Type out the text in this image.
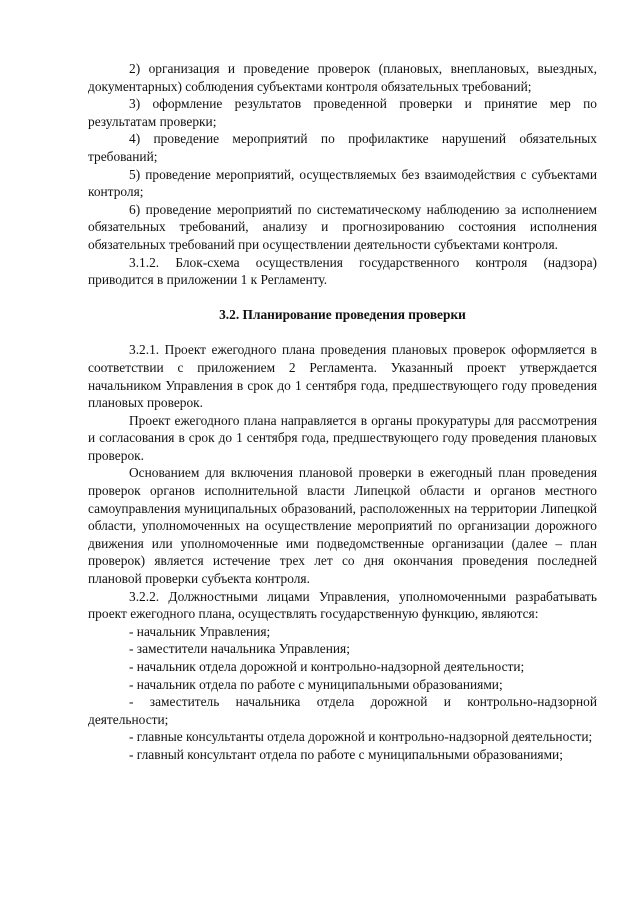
2) организация и проведение проверок (плановых, внеплановых, выездных, документарных) соблюдения субъектами контроля обязательных требований;

3) оформление результатов проведенной проверки и принятие мер по результатам проверки;

4) проведение мероприятий по профилактике нарушений обязательных требований;

5) проведение мероприятий, осуществляемых без взаимодействия с субъектами контроля;

6) проведение мероприятий по систематическому наблюдению за исполнением обязательных требований, анализу и прогнозированию состояния исполнения обязательных требований при осуществлении деятельности субъектами контроля.

3.1.2. Блок-схема осуществления государственного контроля (надзора) приводится в приложении 1 к Регламенту.

3.2. Планирование проведения проверки

3.2.1. Проект ежегодного плана проведения плановых проверок оформляется в соответствии с приложением 2 Регламента. Указанный проект утверждается начальником Управления в срок до 1 сентября года, предшествующего году проведения плановых проверок.

Проект ежегодного плана направляется в органы прокуратуры для рассмотрения и согласования в срок до 1 сентября года, предшествующего году проведения плановых проверок.

Основанием для включения плановой проверки в ежегодный план проведения проверок органов исполнительной власти Липецкой области и органов местного самоуправления муниципальных образований, расположенных на территории Липецкой области, уполномоченных на осуществление мероприятий по организации дорожного движения или уполномоченные ими подведомственные организации (далее – план проверок) является истечение трех лет со дня окончания проведения последней плановой проверки субъекта контроля.

3.2.2. Должностными лицами Управления, уполномоченными разрабатывать проект ежегодного плана, осуществлять государственную функцию, являются:

- начальник Управления;

- заместители начальника Управления;

- начальник отдела дорожной и контрольно-надзорной деятельности;

- начальник отдела по работе с муниципальными образованиями;

- заместитель начальника отдела дорожной и контрольно-надзорной деятельности;

- главные консультанты отдела дорожной и контрольно-надзорной деятельности;

- главный консультант отдела по работе с муниципальными образованиями;
